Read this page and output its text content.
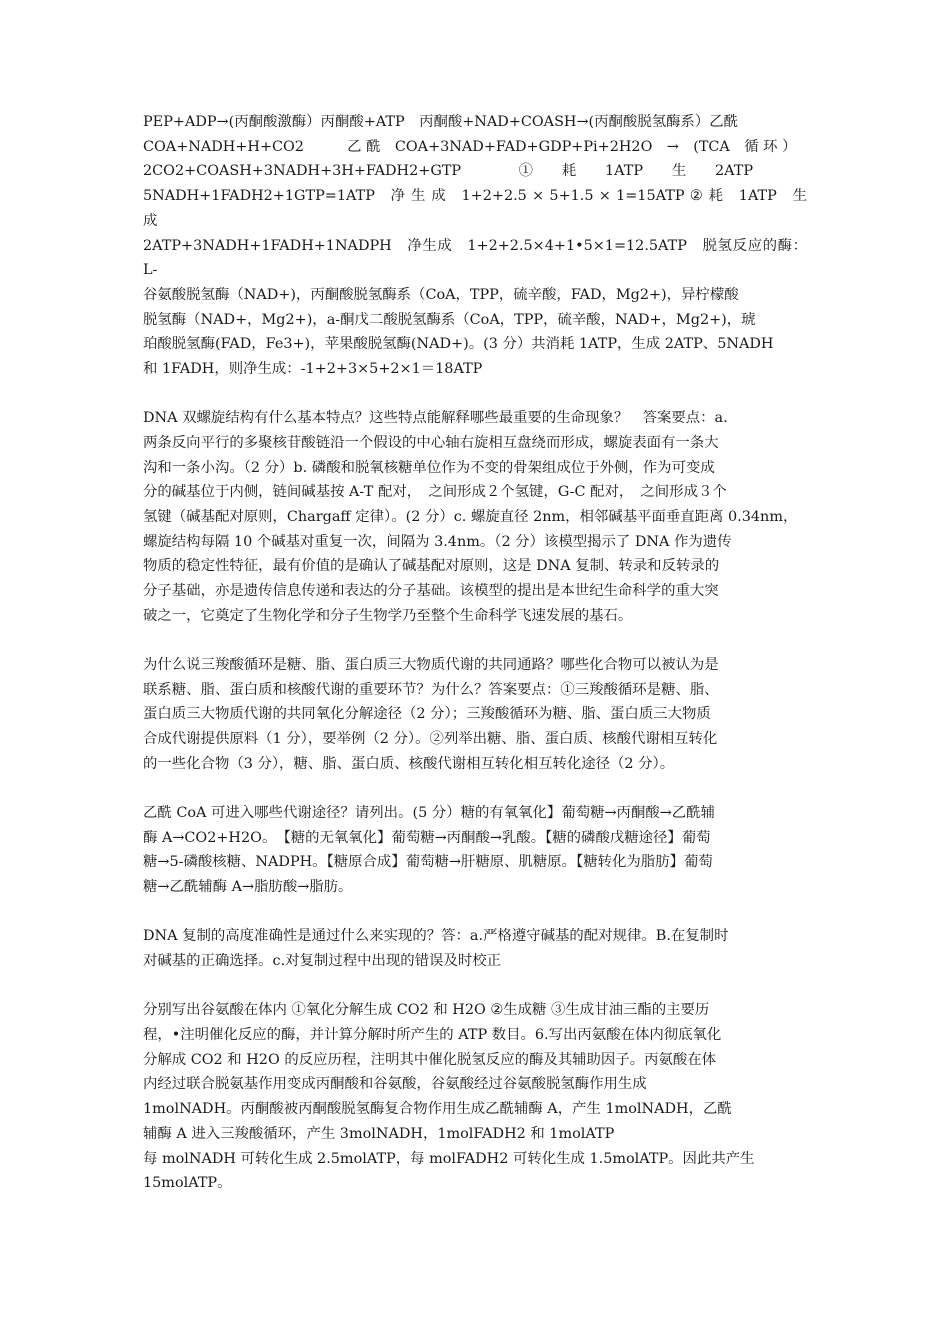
PEP+ADP→(丙酮酸激酶）丙酮酸+ATP　丙酮酸+NAD+COASH→(丙酮酸脱氢酶系）乙酰
COA+NADH+H+CO2　　　乙 酰　COA+3NAD+FAD+GDP+Pi+2H2O　→　(TCA　循 环 ）
2CO2+COASH+3NADH+3H+FADH2+GTP　　　　①　　耗　　1ATP　　生　　2ATP
5NADH+1FADH2+1GTP=1ATP　净 生 成　1+2+2.5 × 5+1.5 × 1=15ATP ② 耗　1ATP　生 成
2ATP+3NADH+1FADH+1NADPH　净生成　1+2+2.5×4+1•5×1=12.5ATP　脱氢反应的酶：L-
谷氨酸脱氢酶（NAD+)，丙酮酸脱氢酶系（CoA，TPP，硫辛酸，FAD，Mg2+)，异柠檬酸
脱氢酶（NAD+，Mg2+)，a-酮戊二酸脱氢酶系（CoA，TPP，硫辛酸，NAD+，Mg2+)，琥
珀酸脱氢酶(FAD，Fe3+)，苹果酸脱氢酶(NAD+)。(3 分）共消耗 1ATP，生成 2ATP、5NADH
和 1FADH，则净生成：-1+2+3×5+2×1＝18ATP
DNA 双螺旋结构有什么基本特点？这些特点能解释哪些最重要的生命现象？　答案要点：a.
两条反向平行的多聚核苷酸链沿一个假设的中心轴右旋相互盘绕而形成，螺旋表面有一条大
沟和一条小沟。（2 分）b. 磷酸和脱氧核糖单位作为不变的骨架组成位于外侧，作为可变成
分的碱基位于内侧，链间碱基按 A-T 配对，　之间形成２个氢键，G-C 配对，　之间形成３个
氢键（碱基配对原则，Chargaff 定律）。(2 分）c. 螺旋直径 2nm，相邻碱基平面垂直距离 0.34nm，
螺旋结构每隔 10 个碱基对重复一次，间隔为 3.4nm。（2 分）该模型揭示了 DNA 作为遗传
物质的稳定性特征，最有价值的是确认了碱基配对原则，这是 DNA 复制、转录和反转录的
分子基础，亦是遗传信息传递和表达的分子基础。该模型的提出是本世纪生命科学的重大突
破之一，它奠定了生物化学和分子生物学乃至整个生命科学飞速发展的基石。
为什么说三羧酸循环是糖、脂、蛋白质三大物质代谢的共同通路？哪些化合物可以被认为是
联系糖、脂、蛋白质和核酸代谢的重要环节？为什么？答案要点：①三羧酸循环是糖、脂、
蛋白质三大物质代谢的共同氧化分解途径（2 分）；三羧酸循环为糖、脂、蛋白质三大物质
合成代谢提供原料（1 分），要举例（2 分）。②列举出糖、脂、蛋白质、核酸代谢相互转化
的一些化合物（3 分），糖、脂、蛋白质、核酸代谢相互转化相互转化途径（2 分）。
乙酰 CoA 可进入哪些代谢途径？请列出。(5 分）糖的有氧氧化】葡萄糖→丙酮酸→乙酰辅
酶 A→CO2+H2O。　【糖的无氧氧化】葡萄糖→丙酮酸→乳酸。【糖的磷酸戊糖途径】葡萄
糖→5-磷酸核糖、NADPH。【糖原合成】葡萄糖→肝糖原、肌糖原。【糖转化为脂肪】葡萄
糖→乙酰辅酶 A→脂肪酸→脂肪。
DNA 复制的高度准确性是通过什么来实现的？答：a.严格遵守碱基的配对规律。B.在复制时
对碱基的正确选择。c.对复制过程中出现的错误及时校正
分别写出谷氨酸在体内 ①氧化分解生成 CO2 和 H2O ②生成糖 ③生成甘油三酯的主要历
程，•注明催化反应的酶，并计算分解时所产生的 ATP 数目。6.写出丙氨酸在体内彻底氧化
分解成 CO2 和 H2O 的反应历程，注明其中催化脱氢反应的酶及其辅助因子。丙氨酸在体
内经过联合脱氨基作用变成丙酮酸和谷氨酸，谷氨酸经过谷氨酸脱氢酶作用生成
1molNADH。丙酮酸被丙酮酸脱氢酶复合物作用生成乙酰辅酶 A，产生 1molNADH，乙酰
辅酶 A 进入三羧酸循环，产生 3molNADH，1molFADH2 和 1molATP
每 molNADH 可转化生成 2.5molATP，每 molFADH2 可转化生成 1.5molATP。因此共产生
15molATP。
